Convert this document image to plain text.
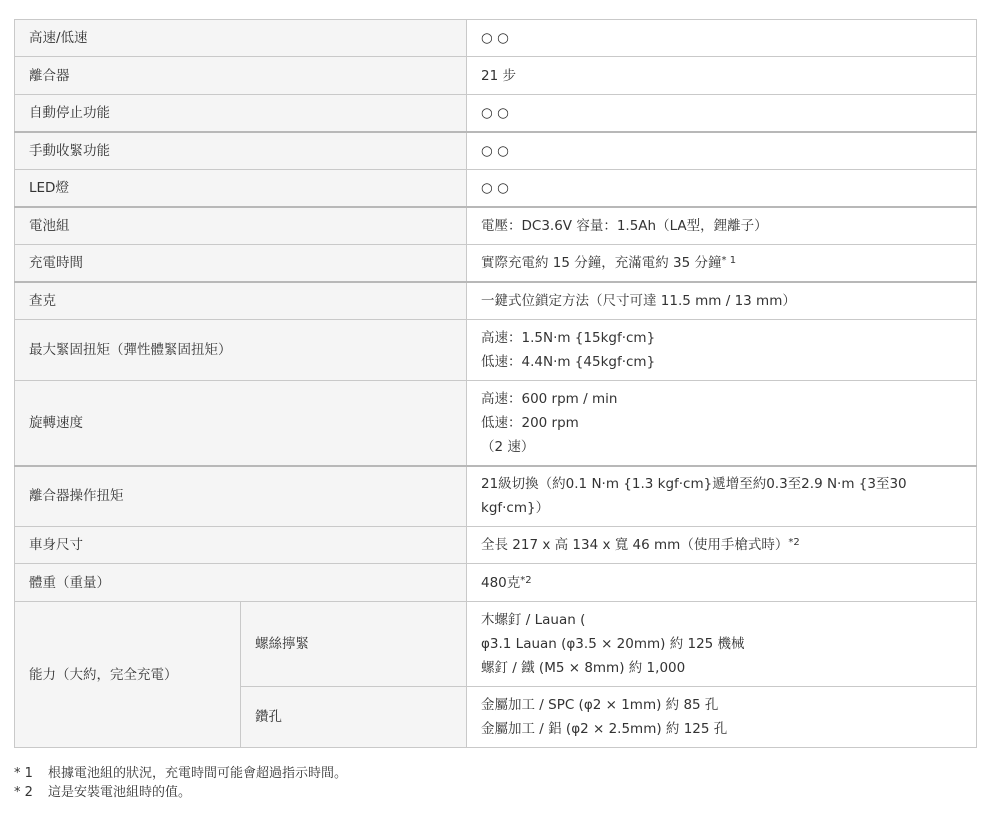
高速/低速		○ ○
離合器		21 步
自動停止功能		○ ○
手動收緊功能		○ ○
LED燈		○ ○
電池組		電壓：DC3.6V 容量：1.5Ah（LA型，鋰離子）
充電時間		實際充電約 15 分鐘，充滿電約 35 分鐘$^{* 1}$
查克		一鍵式位鎖定方法（尺寸可達 11.5 mm / 13 mm）
最大緊固扭矩（彈性體緊固扭矩）		高速：1.5N·m {15kgf·cm}
低速：4.4N·m {45kgf·cm}

旋轉速度		高速：600 rpm / min
低速：200 rpm
（2 速）

離合器操作扭矩		21級切換（約0.1 N·m {1.3 kgf·cm}遞增至約0.3至2.9 N·m {3至30
kgf·cm}）

車身尺寸		全長 217 x 高 134 x 寬 46 mm（使用手槍式時）$^{*2}$
體重（重量）		480克$^{*2}$
能力（大約，完全充電）	螺絲擰緊	木螺釘 / Lauan (
φ3.1 Lauan (φ3.5 × 20mm) 約 125 機械
螺釘 / 鐵 (M5 × 8mm) 約 1,000

	鑽孔	金屬加工 / SPC (φ2 × 1mm) 約 85 孔
金屬加工 / 鋁 (φ2 × 2.5mm) 約 125 孔
* 1	根據電池組的狀況，充電時間可能會超過指示時間。
* 2	這是安裝電池組時的值。
